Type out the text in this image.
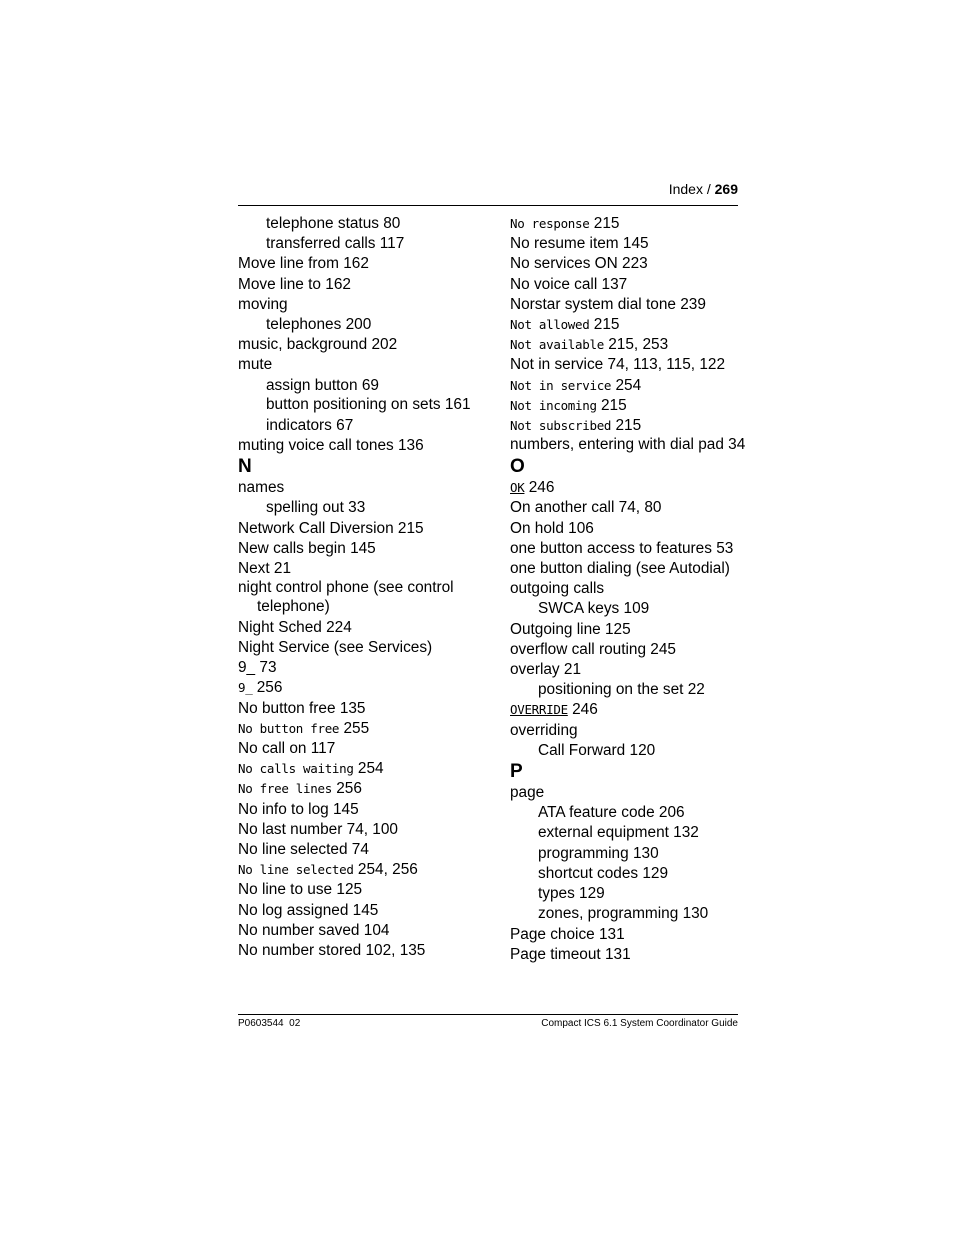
Index / 269
telephone status 80
transferred calls 117
Move line from 162
Move line to 162
moving
telephones 200
music, background 202
mute
assign button 69
button positioning on sets 161
indicators 67
muting voice call tones 136
N
names
spelling out 33
Network Call Diversion 215
New calls begin 145
Next 21
night control phone (see control telephone)
Night Sched 224
Night Service (see Services)
9_ 73
9_ 256
No button free 135
No button free 255
No call on 117
No calls waiting 254
No free lines 256
No info to log 145
No last number 74, 100
No line selected 74
No line selected 254, 256
No line to use 125
No log assigned 145
No number saved 104
No number stored 102, 135
No response 215
No resume item 145
No services ON 223
No voice call 137
Norstar system dial tone 239
Not allowed 215
Not available 215, 253
Not in service 74, 113, 115, 122
Not in service 254
Not incoming 215
Not subscribed 215
numbers, entering with dial pad 34
O
OK 246
On another call 74, 80
On hold 106
one button access to features 53
one button dialing (see Autodial)
outgoing calls
SWCA keys 109
Outgoing line 125
overflow call routing 245
overlay 21
positioning on the set 22
OVERRIDE 246
overriding
Call Forward 120
P
page
ATA feature code 206
external equipment 132
programming 130
shortcut codes 129
types 129
zones, programming 130
Page choice 131
Page timeout 131
P0603544  02	Compact ICS 6.1 System Coordinator Guide
